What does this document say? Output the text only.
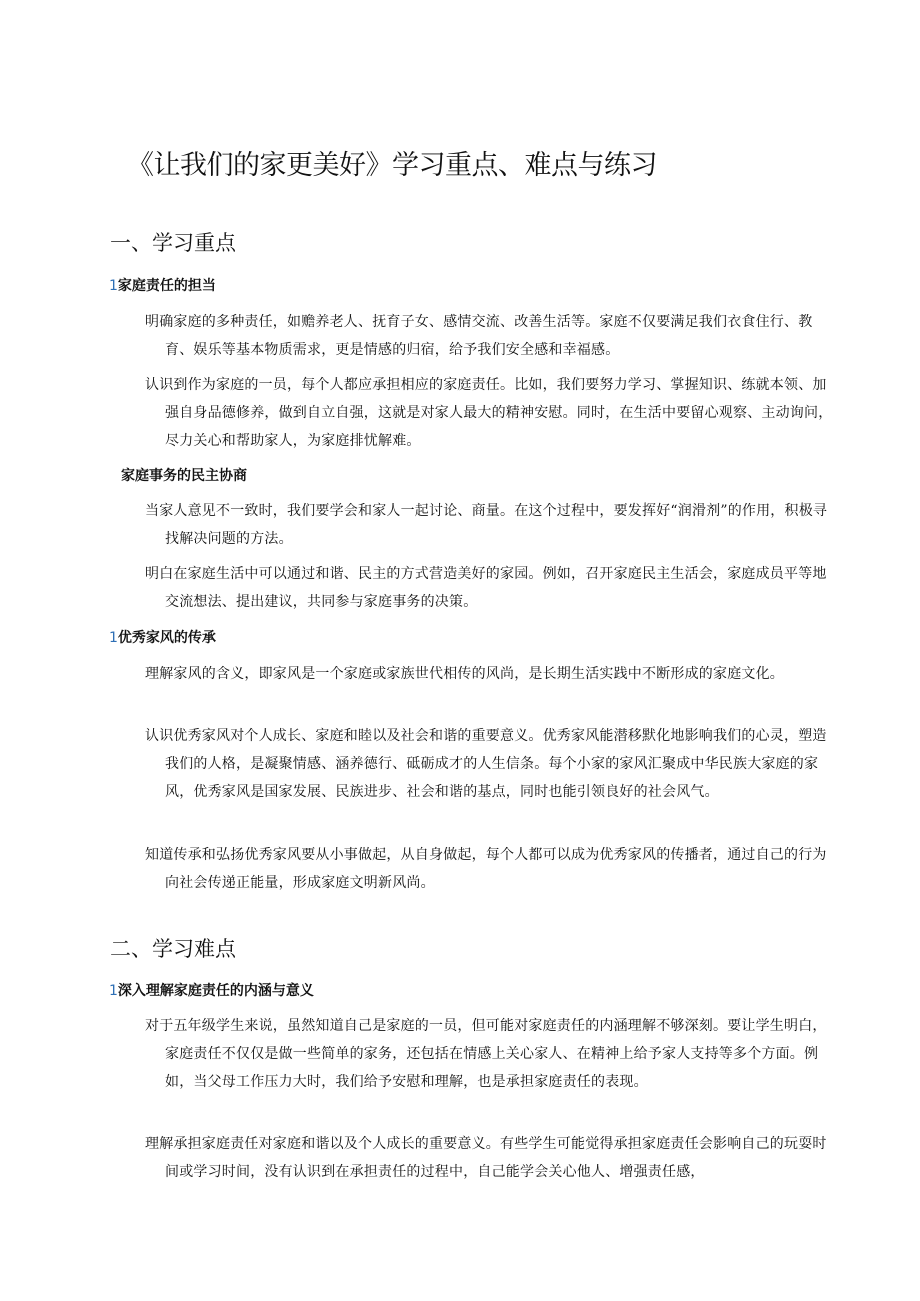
《让我们的家更美好》学习重点、难点与练习
一、学习重点
1家庭责任的担当

明确家庭的多种责任，如赡养老人、抚育子女、感情交流、改善生活等。家庭不仅要满足我们衣食住行、教育、娱乐等基本物质需求，更是情感的归宿，给予我们安全感和幸福感。

认识到作为家庭的一员，每个人都应承担相应的家庭责任。比如，我们要努力学习、掌握知识、练就本领、加强自身品德修养，做到自立自强，这就是对家人最大的精神安慰。同时，在生活中要留心观察、主动询问，尽力关心和帮助家人，为家庭排忧解难。

家庭事务的民主协商

当家人意见不一致时，我们要学会和家人一起讨论、商量。在这个过程中，要发挥好“润滑剂”的作用，积极寻找解决问题的方法。

明白在家庭生活中可以通过和谐、民主的方式营造美好的家园。例如，召开家庭民主生活会，家庭成员平等地交流想法、提出建议，共同参与家庭事务的决策。

1优秀家风的传承

理解家风的含义，即家风是一个家庭或家族世代相传的风尚，是长期生活实践中不断形成的家庭文化。

认识优秀家风对个人成长、家庭和睦以及社会和谐的重要意义。优秀家风能潜移默化地影响我们的心灵，塑造我们的人格，是凝聚情感、涵养德行、砥砺成才的人生信条。每个小家的家风汇聚成中华民族大家庭的家风，优秀家风是国家发展、民族进步、社会和谐的基点，同时也能引领良好的社会风气。

知道传承和弘扬优秀家风要从小事做起，从自身做起，每个人都可以成为优秀家风的传播者，通过自己的行为向社会传递正能量，形成家庭文明新风尚。

二、学习难点
1深入理解家庭责任的内涵与意义

对于五年级学生来说，虽然知道自己是家庭的一员，但可能对家庭责任的内涵理解不够深刻。要让学生明白，家庭责任不仅仅是做一些简单的家务，还包括在情感上关心家人、在精神上给予家人支持等多个方面。例如，当父母工作压力大时，我们给予安慰和理解，也是承担家庭责任的表现。

理解承担家庭责任对家庭和谐以及个人成长的重要意义。有些学生可能觉得承担家庭责任会影响自己的玩耍时间或学习时间，没有认识到在承担责任的过程中，自己能学会关心他人、增强责任感，
